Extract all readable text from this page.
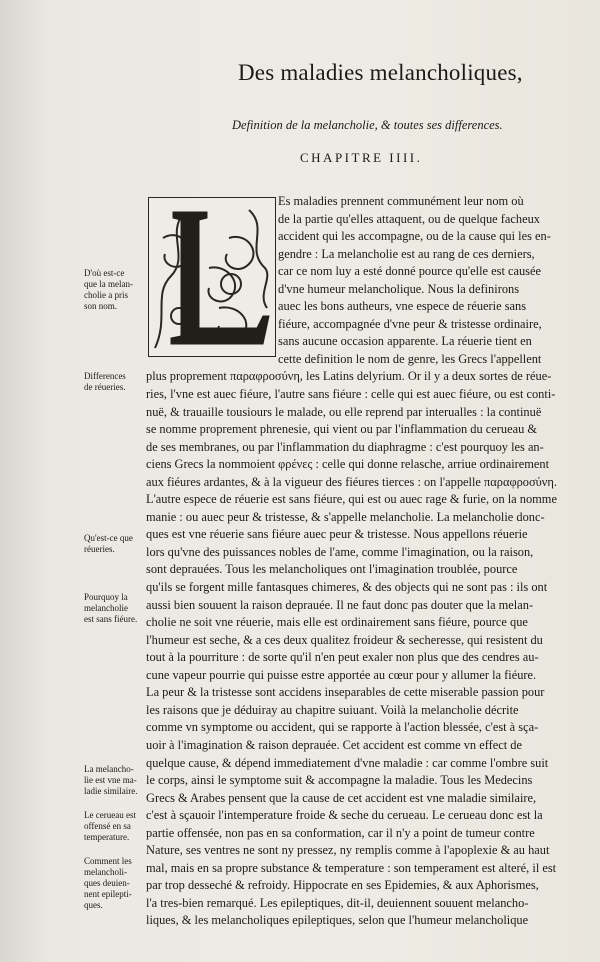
Des maladies melancholiques,
Definition de la melancholie, & toutes ses differences.
CHAPITRE IIII.
Es maladies prennent communément leur nom où
de la partie qu'elles attaquent, ou de quelque facheux
accident qui les accompagne, ou de la cause qui les en-
gendre : La melancholie est au rang de ces derniers,
car ce nom luy a esté donné pource qu'elle est causée
d'vne humeur melancholique. Nous la definirons
auec les bons autheurs, vne espece de réuerie sans
fiéure, accompagnée d'vne peur & tristesse ordinaire,
sans aucune occasion apparente. La réuerie tient en
cette definition le nom de genre, les Grecs l'appellent
plus proprement παραφροσύνη, les Latins delyrium. Or il y a deux sortes de réue-
ries, l'vne est auec fiéure, l'autre sans fiéure : celle qui est auec fiéure, ou est conti-
nuë, & trauaille tousiours le malade, ou elle reprend par interualles : la continuë
se nomme proprement phrenesie, qui vient ou par l'inflammation du cerueau &
de ses membranes, ou par l'inflammation du diaphragme : c'est pourquoy les an-
ciens Grecs la nommoient φρένες : celle qui donne relasche, arriue ordinairement
aux fiéures ardantes, & à la vigueur des fiéures tierces : on l'appelle παραφροσύνη.
L'autre espece de réuerie est sans fiéure, qui est ou auec rage & furie, on la nomme
manie : ou auec peur & tristesse, & s'appelle melancholie. La melancholie donc-
ques est vne réuerie sans fiéure auec peur & tristesse. Nous appellons réuerie
lors qu'vne des puissances nobles de l'ame, comme l'imagination, ou la raison,
sont deprauées. Tous les melancholiques ont l'imagination troublée, pource
qu'ils se forgent mille fantasques chimeres, & des objects qui ne sont pas : ils ont
aussi bien souuent la raison deprauée. Il ne faut donc pas douter que la melan-
cholie ne soit vne réuerie, mais elle est ordinairement sans fiéure, pource que
l'humeur est seche, & a ces deux qualitez froideur & secheresse, qui resistent du
tout à la pourriture : de sorte qu'il n'en peut exaler non plus que des cendres au-
cune vapeur pourrie qui puisse estre apportée au cœur pour y allumer la fiéure.
La peur & la tristesse sont accidens inseparables de cette miserable passion pour
les raisons que je déduiray au chapitre suiuant. Voilà la melancholie décrite
comme vn symptome ou accident, qui se rapporte à l'action blessée, c'est à sça-
uoir à l'imagination & raison deprauée. Cet accident est comme vn effect de
quelque cause, & dépend immediatement d'vne maladie : car comme l'ombre suit
le corps, ainsi le symptome suit & accompagne la maladie. Tous les Medecins
Grecs & Arabes pensent que la cause de cet accident est vne maladie similaire,
c'est à sçauoir l'intemperature froide & seche du cerueau. Le cerueau donc est la
partie offensée, non pas en sa conformation, car il n'y a point de tumeur contre
Nature, ses ventres ne sont ny pressez, ny remplis comme à l'apoplexie & au haut
mal, mais en sa propre substance & temperature : son temperament est alteré, il est
par trop desseché & refroidy. Hippocrate en ses Epidemies, & aux Aphorismes,
l'a tres-bien remarqué. Les epileptiques, dit-il, deuiennent souuent melancho-
liques, & les melancholiques epileptiques, selon que l'humeur melancholique
D'où est-ce
que la melan-
cholie a pris
son nom.
Differences
de réueries.
Qu'est-ce que
réueries.
Pourquoy la
melancholie
est sans fiéure.
La melancho-
lie est vne ma-
ladie similaire.
Le cerueau est
offensé en sa
temperature.
Comment les
melancholi-
ques deuien-
nent epilepti-
ques.
